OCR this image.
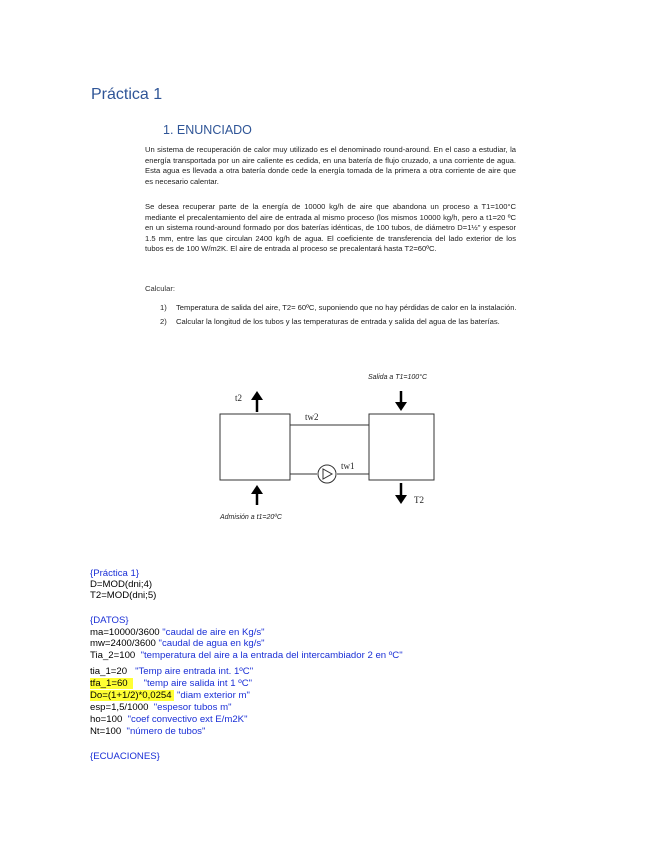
Práctica 1
1. ENUNCIADO
Un sistema de recuperación de calor muy utilizado es el denominado round-around. En el caso a estudiar, la energía transportada por un aire caliente es cedida, en una batería de flujo cruzado, a una corriente de agua. Esta agua es llevada a otra batería donde cede la energía tomada de la primera a otra corriente de aire que es necesario calentar.
Se desea recuperar parte de la energía de 10000 kg/h de aire que abandona un proceso a T1=100°C mediante el precalentamiento del aire de entrada al mismo proceso (los mismos 10000 kg/h, pero a t1=20 ºC en un sistema round-around formado por dos baterías idénticas, de 100 tubos, de diámetro D=1½" y espesor 1.5 mm, entre las que circulan 2400 kg/h de agua. El coeficiente de transferencia del lado exterior de los tubos es de 100 W/m2K. El aire de entrada al proceso se precalentará hasta T2=60ºC.
Calcular:
1) Temperatura de salida del aire, T2= 60ºC, suponiendo que no hay pérdidas de calor en la instalación.
2) Calcular la longitud de los tubos y las temperaturas de entrada y salida del agua de las baterías.
t2
tw2
tw1
T2
Salida a T1=100°C
Admisión a t1=20ºC
{Práctica 1}
D=MOD(dni;4)
T2=MOD(dni;5)
{DATOS}
ma=10000/3600 "caudal de aire en Kg/s"
mw=2400/3600 "caudal de agua en kg/s"
Tia_2=100  "temperatura del aire a la entrada del intercambiador 2 en ºC"
tia_1=20   "Temp aire entrada int. 1ºC"
tfa_1=60      "temp aire salida int 1 ºC"
Do=(1+1/2)*0,0254  "diam exterior m"
esp=1,5/1000  "espesor tubos m"
ho=100  "coef convectivo ext E/m2K"
Nt=100  "número de tubos"
{ECUACIONES}
